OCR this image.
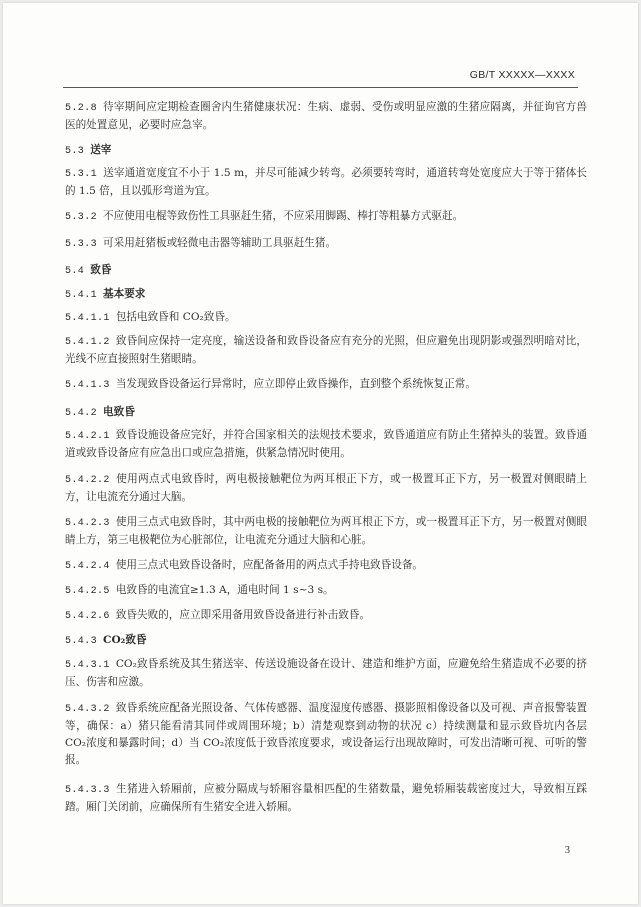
GB/T XXXXX—XXXX

5.2.8 待宰期间应定期检查圈舍内生猪健康状况：生病、虚弱、受伤或明显应激的生猪应隔离，并征询官方兽医的处置意见，必要时应急宰。

5.3 送宰

5.3.1 送宰通道宽度宜不小于 1.5 m，并尽可能减少转弯。必须要转弯时，通道转弯处宽度应大于等于猪体长的 1.5 倍，且以弧形弯道为宜。

5.3.2 不应使用电棍等致伤性工具驱赶生猪，不应采用脚踢、棒打等粗暴方式驱赶。

5.3.3 可采用赶猪板或轻微电击器等辅助工具驱赶生猪。

5.4 致昏

5.4.1 基本要求

5.4.1.1 包括电致昏和 CO₂致昏。

5.4.1.2 致昏间应保持一定亮度，输送设备和致昏设备应有充分的光照，但应避免出现阴影或强烈明暗对比，光线不应直接照射生猪眼睛。

5.4.1.3 当发现致昏设备运行异常时，应立即停止致昏操作，直到整个系统恢复正常。

5.4.2 电致昏

5.4.2.1 致昏设施设备应完好，并符合国家相关的法规技术要求，致昏通道应有防止生猪掉头的装置。致昏通道或致昏设备应有应急出口或应急措施，供紧急情况时使用。

5.4.2.2 使用两点式电致昏时，两电极接触靶位为两耳根正下方，或一极置耳正下方，另一极置对侧眼睛上方，让电流充分通过大脑。

5.4.2.3 使用三点式电致昏时，其中两电极的接触靶位为两耳根正下方，或一极置耳正下方，另一极置对侧眼睛上方，第三电极靶位为心脏部位，让电流充分通过大脑和心脏。

5.4.2.4 使用三点式电致昏设备时，应配备备用的两点式手持电致昏设备。

5.4.2.5 电致昏的电流宜≥1.3 A，通电时间 1 s~3 s。

5.4.2.6 致昏失败的，应立即采用备用致昏设备进行补击致昏。

5.4.3 CO₂致昏

5.4.3.1 CO₂致昏系统及其生猪送宰、传送设施设备在设计、建造和维护方面，应避免给生猪造成不必要的挤压、伤害和应激。

5.4.3.2 致昏系统应配备光照设备、气体传感器、温度湿度传感器、摄影照相像设备以及可视、声音报警装置等，确保：a）猪只能看清其同伴或周围环境；b）清楚观察到动物的状况 c）持续测量和显示致昏坑内各层 CO₂浓度和暴露时间；d）当 CO₂浓度低于致昏浓度要求，或设备运行出现故障时，可发出清晰可视、可听的警报。

5.4.3.3 生猪进入轿厢前，应被分隔成与轿厢容量相匹配的生猪数量，避免轿厢装载密度过大，导致相互踩踏。厢门关闭前，应确保所有生猪安全进入轿厢。

3
